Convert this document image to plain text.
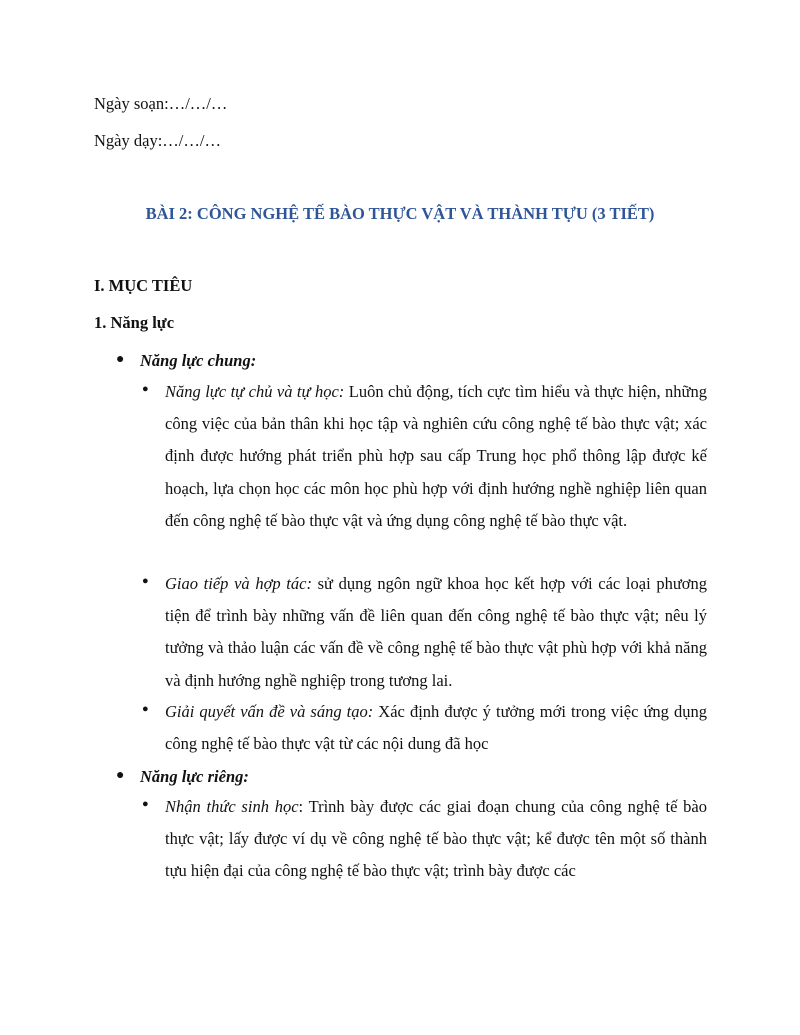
Ngày soạn:…/…/…
Ngày dạy:…/…/…
BÀI 2: CÔNG NGHỆ TẾ BÀO THỰC VẬT VÀ THÀNH TỰU (3 TIẾT)
I. MỤC TIÊU
1. Năng lực
● Năng lực chung:
● Năng lực tự chủ và tự học: Luôn chủ động, tích cực tìm hiểu và thực hiện, những công việc của bản thân khi học tập và nghiên cứu công nghệ tế bào thực vật; xác định được hướng phát triển phù hợp sau cấp Trung học phổ thông lập được kế hoạch, lựa chọn học các môn học phù hợp với định hướng nghề nghiệp liên quan đến công nghệ tế bào thực vật và ứng dụng công nghệ tế bào thực vật.
● Giao tiếp và hợp tác: sử dụng ngôn ngữ khoa học kết hợp với các loại phương tiện để trình bày những vấn đề liên quan đến công nghệ tế bào thực vật; nêu lý tưởng và thảo luận các vấn đề về công nghệ tế bào thực vật phù hợp với khả năng và định hướng nghề nghiệp trong tương lai.
● Giải quyết vấn đề và sáng tạo: Xác định được ý tưởng mới trong việc ứng dụng công nghệ tế bào thực vật từ các nội dung đã học
● Năng lực riêng:
● Nhận thức sinh học: Trình bày được các giai đoạn chung của công nghệ tế bào thực vật; lấy được ví dụ về công nghệ tế bào thực vật; kể được tên một số thành tựu hiện đại của công nghệ tế bào thực vật; trình bày được các
